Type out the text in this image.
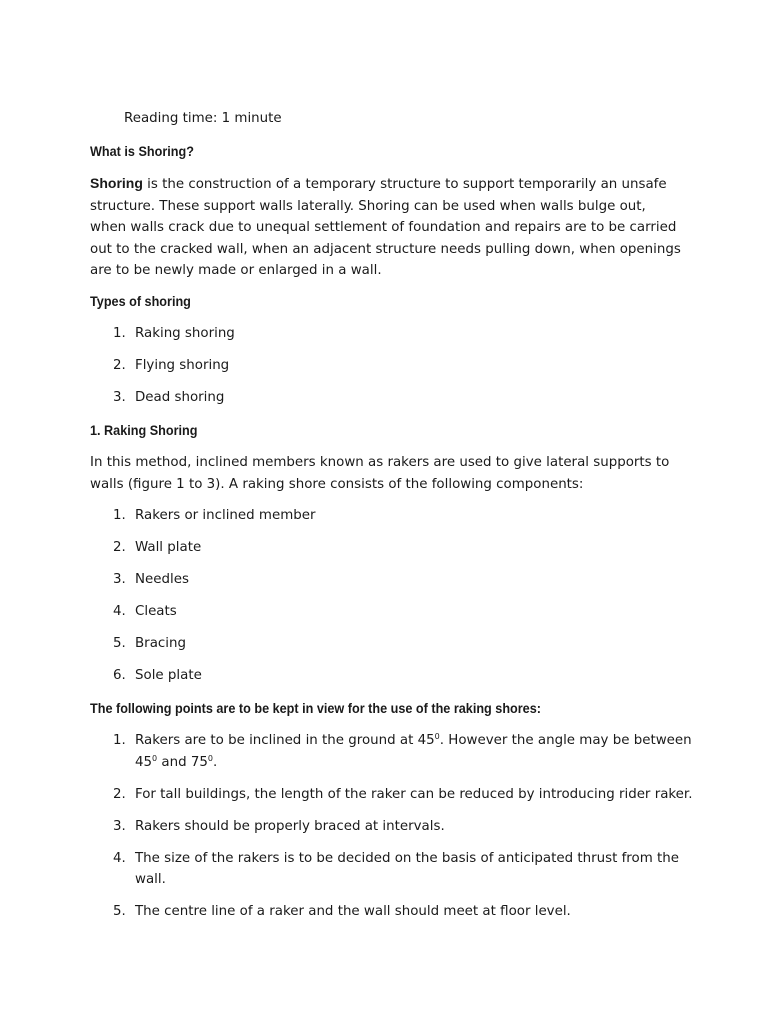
Reading time: 1 minute
What is Shoring?
Shoring is the construction of a temporary structure to support temporarily an unsafe structure. These support walls laterally. Shoring can be used when walls bulge out, when walls crack due to unequal settlement of foundation and repairs are to be carried out to the cracked wall, when an adjacent structure needs pulling down, when openings are to be newly made or enlarged in a wall.
Types of shoring
1. Raking shoring
2. Flying shoring
3. Dead shoring
1. Raking Shoring
In this method, inclined members known as rakers are used to give lateral supports to walls (figure 1 to 3). A raking shore consists of the following components:
1. Rakers or inclined member
2. Wall plate
3. Needles
4. Cleats
5. Bracing
6. Sole plate
The following points are to be kept in view for the use of the raking shores:
1. Rakers are to be inclined in the ground at $45^0$. However the angle may be between $45^0$ and $75^0$.
2. For tall buildings, the length of the raker can be reduced by introducing rider raker.
3. Rakers should be properly braced at intervals.
4. The size of the rakers is to be decided on the basis of anticipated thrust from the wall.
5. The centre line of a raker and the wall should meet at floor level.
